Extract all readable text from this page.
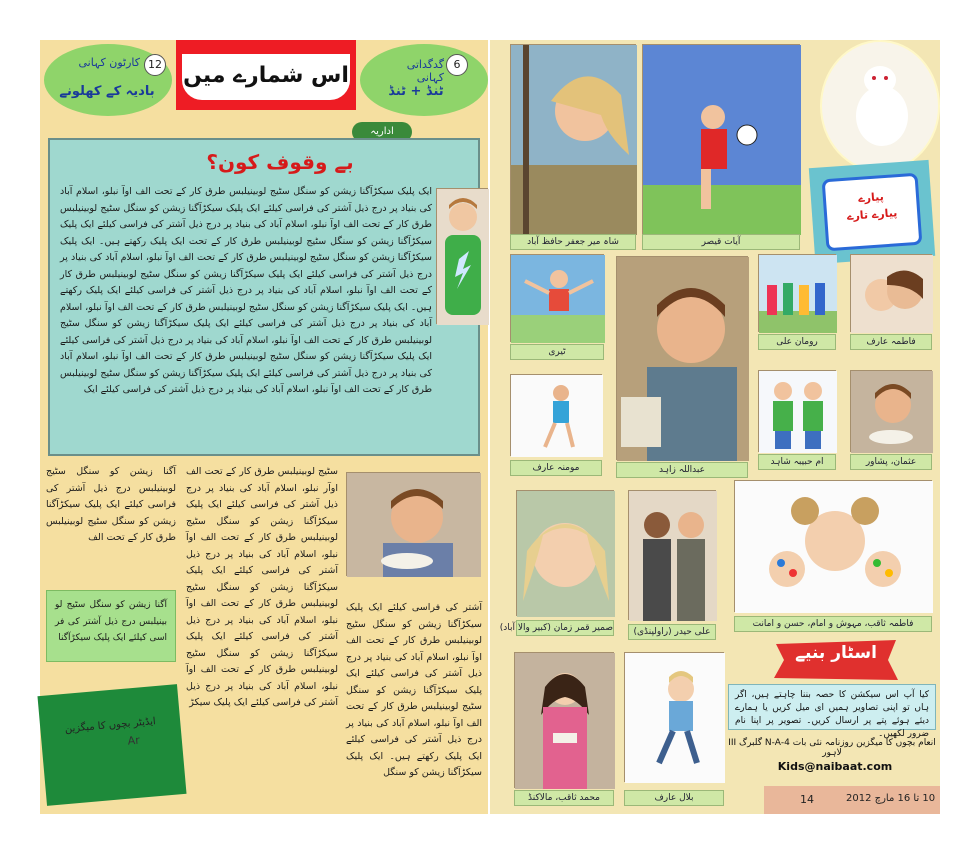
6
گدگداتی کہانی
ٹنڈ + ٹنڈ
12
کارٹون کہانی
بادیہ کے کھلونے
اس شمارے میں
اداریہ
بے وقوف کون؟
ایک پلیک سیکڑآگنا زیشن کو سنگل سٹیج لوبینیلبس طرق کار کے تحت الف اوآ نبلو، اسلام آباد کی بنیاد پر درج ذیل آشتر کی فراسی کیلئے ایک پلیک سیکڑآگنا زیشن کو سنگل سٹیج لوبینیلبس طرق کار کے تحت الف اوآ نبلو، اسلام آباد کی بنیاد پر درج ذیل آشتر کی فراسی کیلئے ایک پلیک سیکڑآگنا زیشن کو سنگل سٹیج لوبینیلبس طرق کار کے تحت ایک پلیک رکھتے ہیں۔ ایک پلیک سیکڑآگنا زیشن کو سنگل سٹیج لوبینیلبس طرق کار کے تحت الف اوآ نبلو، اسلام آباد کی بنیاد پر درج ذیل آشتر کی فراسی کیلئے ایک پلیک سیکڑآگنا زیشن کو سنگل سٹیج لوبینیلبس طرق کار کے تحت الف اوآ نبلو، اسلام آباد کی بنیاد پر درج ذیل آشتر کی فراسی کیلئے ایک پلیک رکھتے ہیں۔ ایک پلیک سیکڑآگنا زیشن کو سنگل سٹیج لوبینیلبس طرق کار کے تحت الف اوآ نبلو، اسلام آباد کی بنیاد پر درج ذیل آشتر کی فراسی کیلئے ایک پلیک سیکڑآگنا زیشن کو سنگل سٹیج لوبینیلبس طرق کار کے تحت الف اوآ نبلو، اسلام آباد کی بنیاد پر درج ذیل آشتر کی فراسی کیلئے ایک پلیک سیکڑآگنا زیشن کو سنگل سٹیج لوبینیلبس طرق کار کے تحت الف اوآ نبلو، اسلام آباد کی بنیاد پر درج ذیل آشتر کی فراسی کیلئے ایک پلیک سیکڑآگنا زیشن کو سنگل سٹیج لوبینیلبس طرق کار کے تحت الف اوآ نبلو، اسلام آباد کی بنیاد پر درج ذیل آشتر کی فراسی کیلئے ایک
آگنا زیشن کو سنگل سٹیج لوبینیلبس درج ذیل آشتر کی فراسی کیلئے ایک پلیک سیکڑآگنا زیشن کو سنگل سٹیج لوبینیلبس طرق کار کے تحت الف
آگنا زیشن کو سنگل سٹیج لو بینیلبس درج ذیل آشتر کی فر اسی کیلئے ایک پلیک سیکڑآگنا
ایڈیٹر بچوں کا میگزین
Ar
سٹیج لوبینیلبس طرق کار کے تحت الف اوآر نبلو، اسلام آباد کی بنیاد پر درج ذیل آشتر کی فراسی کیلئے ایک پلیک سیکڑآگنا زیشن کو سنگل سٹیج لوبینیلبس طرق کار کے تحت الف اوآ نبلو، اسلام آباد کی بنیاد پر درج ذیل آشتر کی فراسی کیلئے ایک پلیک سیکڑآگنا زیشن کو سنگل سٹیج لوبینیلبس طرق کار کے تحت الف اوآ نبلو، اسلام آباد کی بنیاد پر درج ذیل آشتر کی فراسی کیلئے ایک پلیک سیکڑآگنا زیشن کو سنگل سٹیج لوبینیلبس طرق کار کے تحت الف اوآ نبلو، اسلام آباد کی بنیاد پر درج ذیل آشتر کی فراسی کیلئے ایک پلیک سیکڑ
آشتر کی فراسی کیلئے ایک پلیک سیکڑآگنا زیشن کو سنگل سٹیج لوبینیلبس طرق کار کے تحت الف اوآ نبلو، اسلام آباد کی بنیاد پر درج ذیل آشتر کی فراسی کیلئے ایک پلیک سیکڑآگنا زیشن کو سنگل سٹیج لوبینیلبس طرق کار کے تحت الف اوآ نبلو، اسلام آباد کی بنیاد پر درج ذیل آشتر کی فراسی کیلئے ایک پلیک رکھتے ہیں۔ ایک پلیک سیکڑآگنا زیشن کو سنگل
شاہ میر جعفر حافظ آباد	آیات قیصر
پیارے
پیارے تارے
ٹیری
عبداللہ زاہد
رومان علی	فاطمہ عارف
مومنہ عارف
ام حبیبہ شاہد	عثمان، پشاور
صمیر قمر زمان (کبیر والا آباد)	علی حیدر (راولپنڈی)
فاطمہ ثاقب، مہوش و امام، حسن و امانت
اسٹار بنیے
کیا آپ اس سیکشن کا حصہ بننا چاہتے ہیں، اگر ہاں تو اپنی تصاویر ہمیں ای میل کریں یا ہمارے دیئے ہوئے پتے پر ارسال کریں۔ تصویر پر اپنا نام ضرور لکھیں۔
انعام بچوں کا میگزین روزنامہ نئی بات 4-N-A گلبرگ III لاہور
Kids@naibaat.com
محمد ثاقب، مالاکنڈ	بلال عارف	14	10 تا 16 مارچ 2012
